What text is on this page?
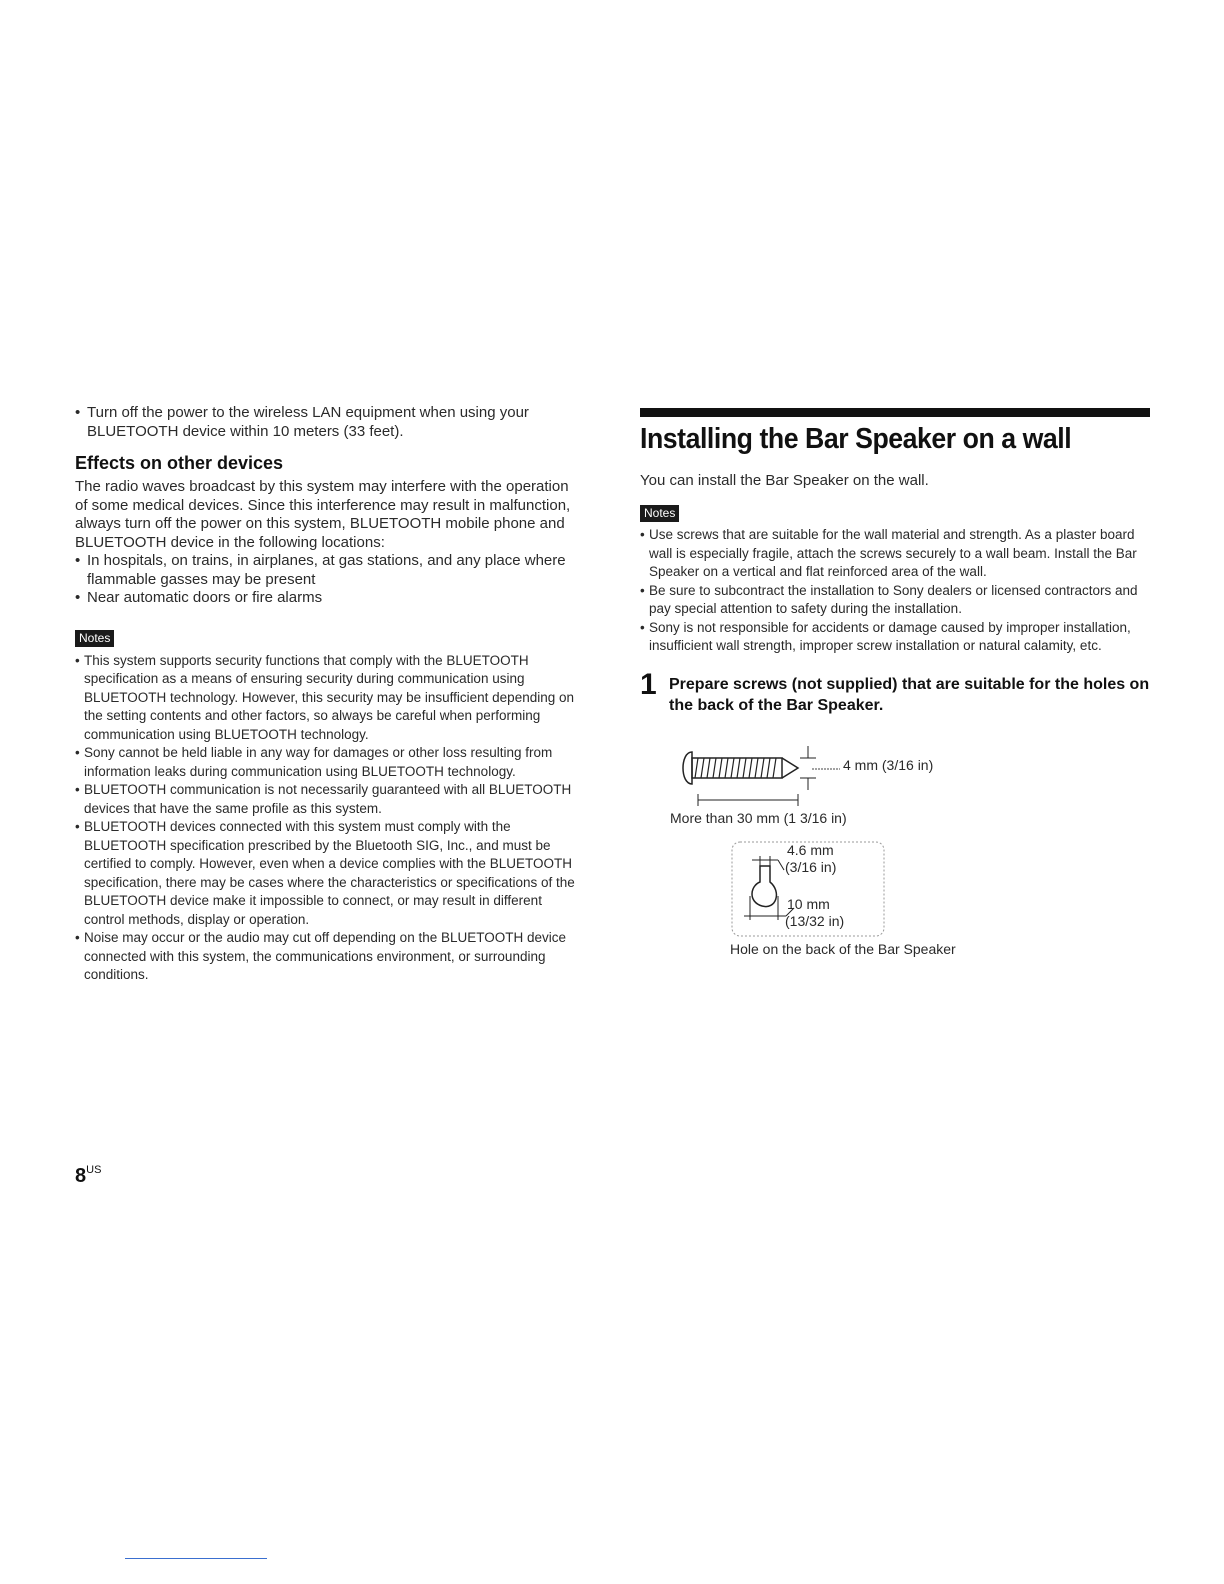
• Turn off the power to the wireless LAN equipment when using your BLUETOOTH device within 10 meters (33 feet).
Effects on other devices

The radio waves broadcast by this system may interfere with the operation of some medical devices. Since this interference may result in malfunction, always turn off the power on this system, BLUETOOTH mobile phone and BLUETOOTH device in the following locations:

• In hospitals, on trains, in airplanes, at gas stations, and any place where flammable gasses may be present
• Near automatic doors or fire alarms
Notes
• This system supports security functions that comply with the BLUETOOTH specification as a means of ensuring security during communication using BLUETOOTH technology. However, this security may be insufficient depending on the setting contents and other factors, so always be careful when performing communication using BLUETOOTH technology.
• Sony cannot be held liable in any way for damages or other loss resulting from information leaks during communication using BLUETOOTH technology.
• BLUETOOTH communication is not necessarily guaranteed with all BLUETOOTH devices that have the same profile as this system.
• BLUETOOTH devices connected with this system must comply with the BLUETOOTH specification prescribed by the Bluetooth SIG, Inc., and must be certified to comply. However, even when a device complies with the BLUETOOTH specification, there may be cases where the characteristics or specifications of the BLUETOOTH device make it impossible to connect, or may result in different control methods, display or operation.
• Noise may occur or the audio may cut off depending on the BLUETOOTH device connected with this system, the communications environment, or surrounding conditions.
Installing the Bar Speaker on a wall

You can install the Bar Speaker on the wall.

Notes
• Use screws that are suitable for the wall material and strength. As a plaster board wall is especially fragile, attach the screws securely to a wall beam. Install the Bar Speaker on a vertical and flat reinforced area of the wall.
• Be sure to subcontract the installation to Sony dealers or licensed contractors and pay special attention to safety during the installation.
• Sony is not responsible for accidents or damage caused by improper installation, insufficient wall strength, improper screw installation or natural calamity, etc.
1 Prepare screws (not supplied) that are suitable for the holes on the back of the Bar Speaker.
4 mm (3/16 in)
More than 30 mm (1 3/16 in)
4.6 mm
(3/16 in)
10 mm
(13/32 in)
Hole on the back of the Bar Speaker
$8^{US}$
